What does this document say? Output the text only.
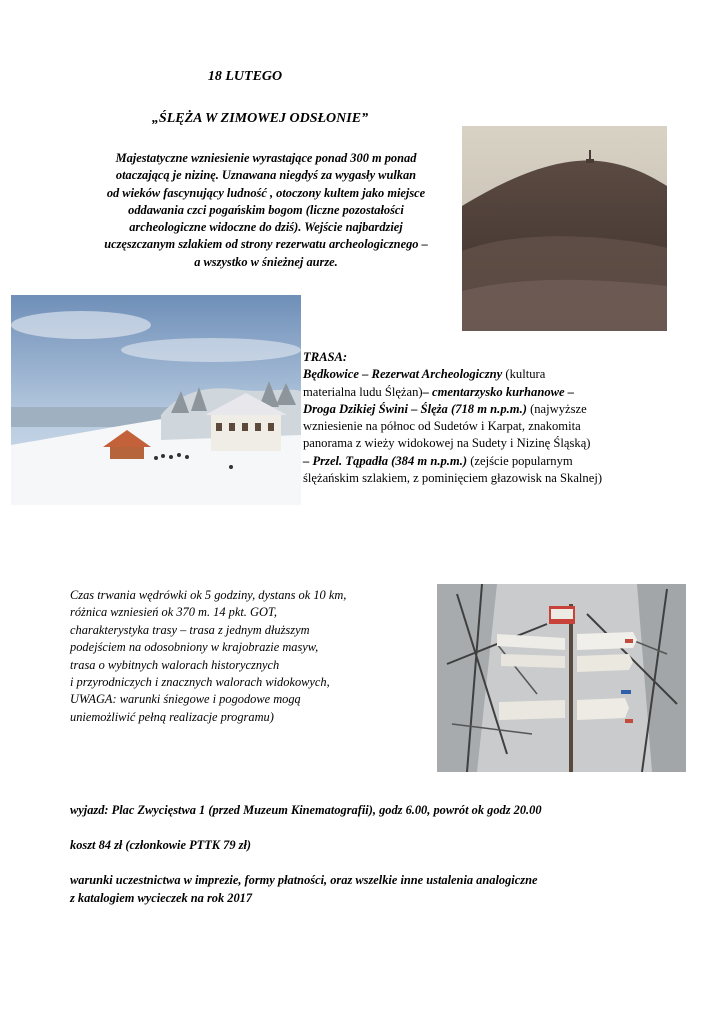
18 LUTEGO
„ŚLĘŻA W ZIMOWEJ ODSŁONIE”
Majestatyczne wzniesienie wyrastające ponad 300 m ponad
otaczającą je nizinę. Uznawana niegdyś za wygasły wulkan
od wieków fascynujący ludność , otoczony kultem jako miejsce
oddawania czci pogańskim bogom (liczne pozostałości
archeologiczne widoczne do dziś). Wejście najbardziej
uczęszczanym szlakiem od strony rezerwatu archeologicznego –
a wszystko w śnieżnej aurze.
TRASA:
Będkowice – Rezerwat Archeologiczny (kultura
materialna ludu Ślężan)– cmentarzysko kurhanowe –
Droga Dzikiej Świni – Ślęża (718 m n.p.m.) (najwyższe
wzniesienie na północ od Sudetów i Karpat, znakomita
panorama z wieży widokowej na Sudety i Nizinę Śląską)
– Przel. Tąpadła (384 m n.p.m.) (zejście popularnym
ślężańskim szlakiem, z pominięciem głazowisk na Skalnej)
Czas trwania wędrówki ok 5 godziny, dystans ok 10 km,
różnica wzniesień ok 370 m. 14 pkt. GOT,
charakterystyka trasy – trasa z jednym dłuższym
podejściem na odosobniony w krajobrazie masyw,
trasa o wybitnych walorach historycznych
i przyrodniczych i znacznych walorach widokowych,
UWAGA: warunki śniegowe i pogodowe mogą
uniemożliwić pełną realizacje programu)
wyjazd: Plac Zwycięstwa 1 (przed Muzeum Kinematografii), godz 6.00, powrót ok godz 20.00
koszt 84 zł (członkowie PTTK 79 zł)
warunki uczestnictwa w imprezie, formy płatności, oraz wszelkie inne ustalenia analogiczne
z katalogiem wycieczek na rok 2017
